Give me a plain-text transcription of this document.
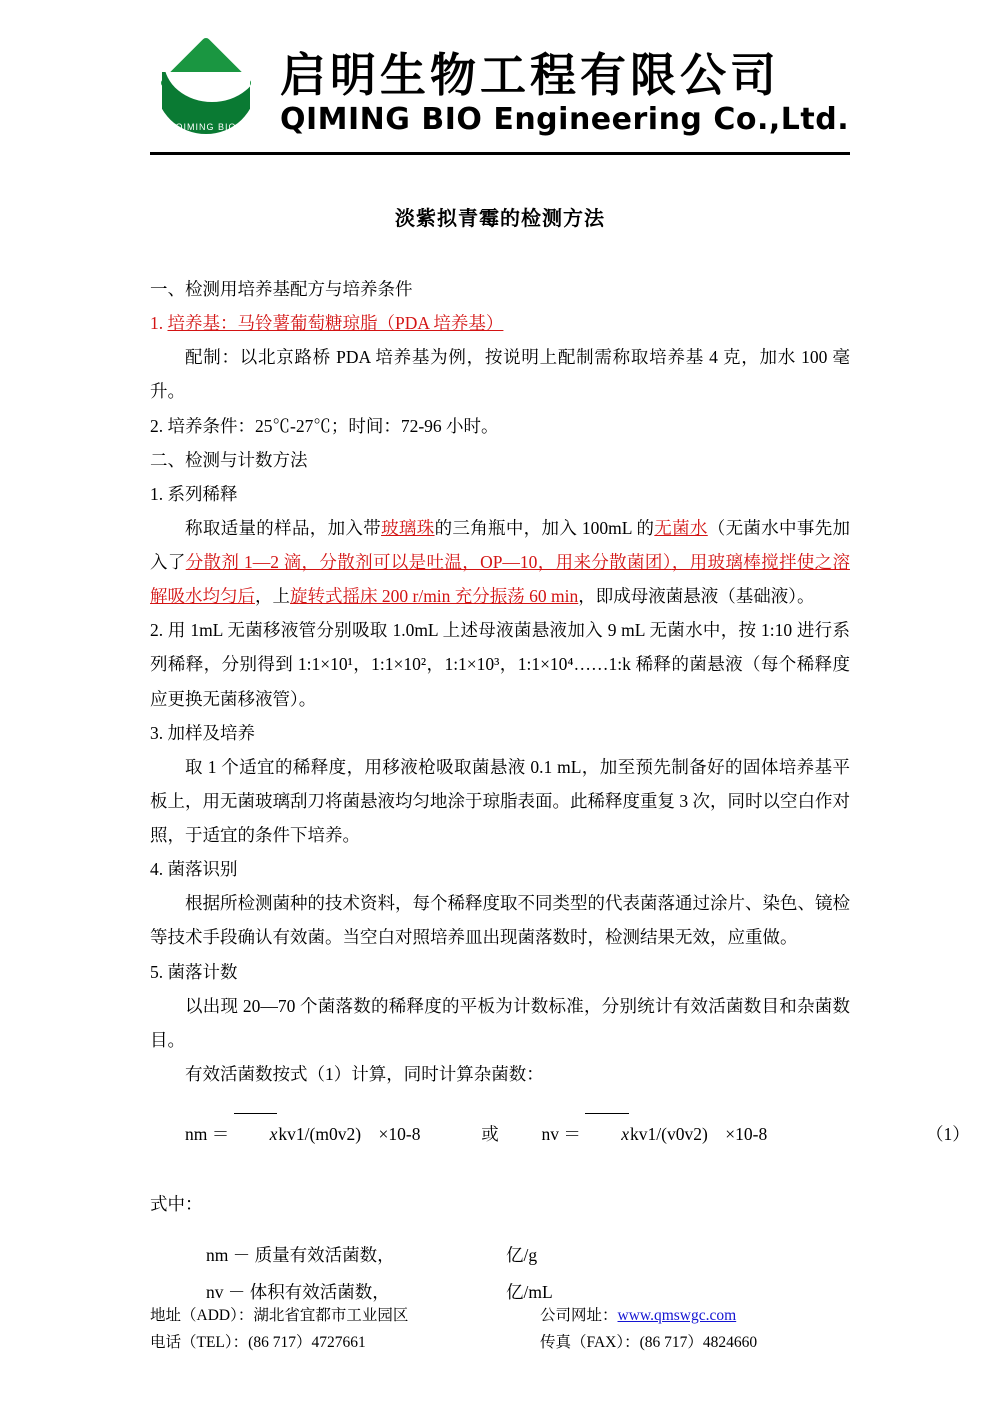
QIMING BIO
启明生物工程有限公司
QIMING BIO Engineering Co.,Ltd.
淡紫拟青霉的检测方法

一、检测用培养基配方与培养条件

1. 培养基：马铃薯葡萄糖琼脂（PDA 培养基）

配制：以北京路桥 PDA 培养基为例，按说明上配制需称取培养基 4 克，加水 100 毫升。

2. 培养条件：25℃-27℃；时间：72-96 小时。

二、检测与计数方法

1. 系列稀释

称取适量的样品，加入带玻璃珠的三角瓶中，加入 100mL 的无菌水（无菌水中事先加入了分散剂 1—2 滴，分散剂可以是吐温，OP—10，用来分散菌团），用玻璃棒搅拌使之溶解吸水均匀后，上旋转式摇床 200 r/min 充分振荡 60 min，即成母液菌悬液（基础液）。

2. 用 1mL 无菌移液管分别吸取 1.0mL 上述母液菌悬液加入 9 mL 无菌水中，按 1:10 进行系列稀释，分别得到 1:1×10¹，1:1×10²，1:1×10³，1:1×10⁴……1:k 稀释的菌悬液（每个稀释度应更换无菌移液管）。

3. 加样及培养

取 1 个适宜的稀释度，用移液枪吸取菌悬液 0.1 mL，加至预先制备好的固体培养基平板上，用无菌玻璃刮刀将菌悬液均匀地涂于琼脂表面。此稀释度重复 3 次，同时以空白作对照，于适宜的条件下培养。

4. 菌落识别

根据所检测菌种的技术资料，每个稀释度取不同类型的代表菌落通过涂片、染色、镜检等技术手段确认有效菌。当空白对照培养皿出现菌落数时，检测结果无效，应重做。

5. 菌落计数

以出现 20—70 个菌落数的稀释度的平板为计数标准，分别统计有效活菌数目和杂菌数目。

有效活菌数按式（1）计算，同时计算杂菌数：

nm ＝ xkv1/(m0v2)　×10-8	或 nv ＝ xkv1/(v0v2)　×10-8	（1）

式中：

nm － 质量有效活菌数，	亿/g
nv － 体积有效活菌数，	亿/mL
地址（ADD）：湖北省宜都市工业园区	公司网址：www.qmswgc.com
电话（TEL）：(86 717）4727661	传真（FAX）：(86 717）4824660
